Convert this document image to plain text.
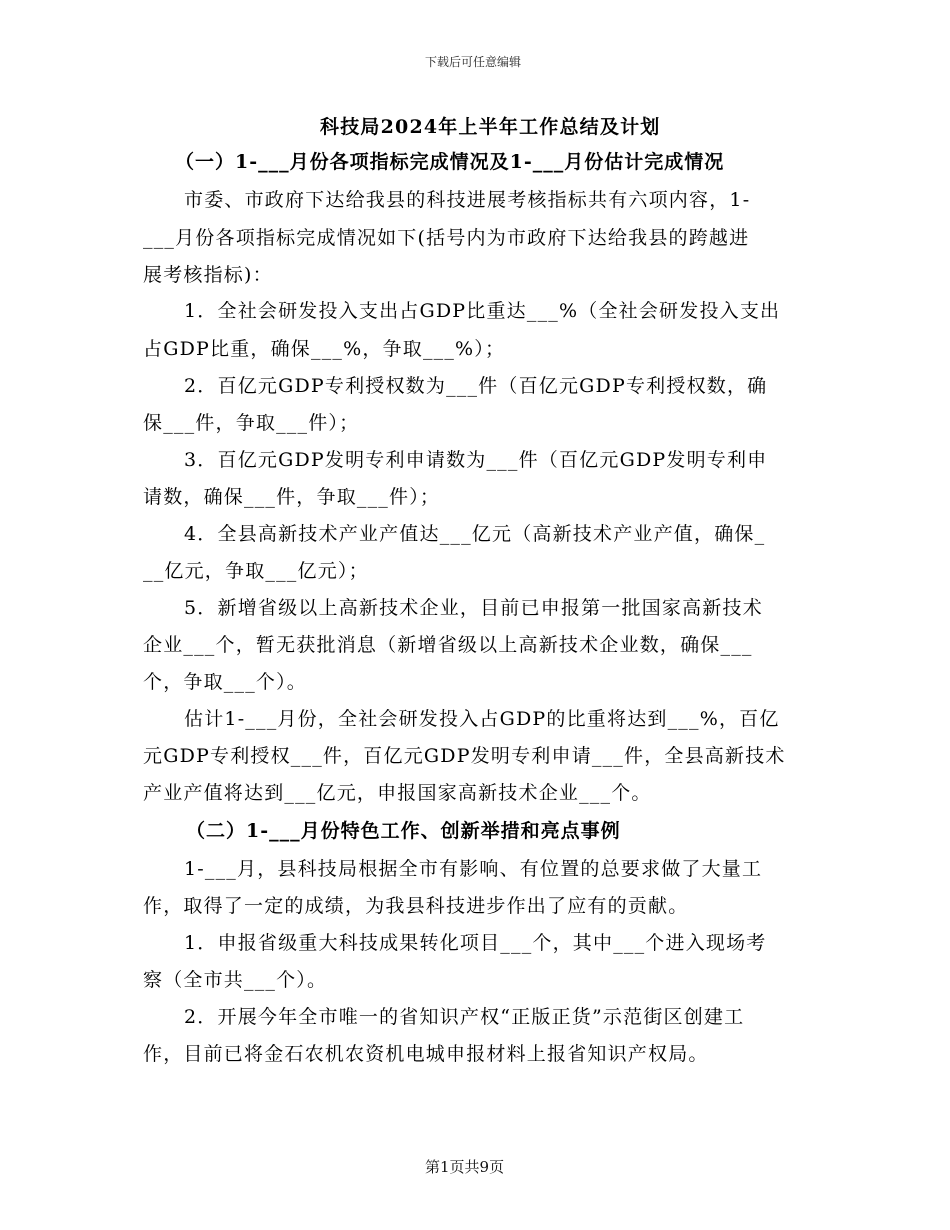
下载后可任意编辑
科技局2024年上半年工作总结及计划
（一）1-___月份各项指标完成情况及1-___月份估计完成情况
市委、市政府下达给我县的科技进展考核指标共有六项内容，1-
___月份各项指标完成情况如下(括号内为市政府下达给我县的跨越进
展考核指标)：
1．全社会研发投入支出占GDP比重达___%（全社会研发投入支出
占GDP比重，确保___%，争取___%）；
2．百亿元GDP专利授权数为___件（百亿元GDP专利授权数，确
保___件，争取___件）；
3．百亿元GDP发明专利申请数为___件（百亿元GDP发明专利申
请数，确保___件，争取___件）；
4．全县高新技术产业产值达___亿元（高新技术产业产值，确保_
__亿元，争取___亿元）；
5．新增省级以上高新技术企业，目前已申报第一批国家高新技术
企业___个，暂无获批消息（新增省级以上高新技术企业数，确保___
个，争取___个）。
估计1-___月份，全社会研发投入占GDP的比重将达到___%，百亿
元GDP专利授权___件，百亿元GDP发明专利申请___件，全县高新技术
产业产值将达到___亿元，申报国家高新技术企业___个。
（二）1-___月份特色工作、创新举措和亮点事例
1-___月，县科技局根据全市有影响、有位置的总要求做了大量工
作，取得了一定的成绩，为我县科技进步作出了应有的贡献。
1．申报省级重大科技成果转化项目___个，其中___个进入现场考
察（全市共___个）。
2．开展今年全市唯一的省知识产权“正版正货”示范街区创建工
作，目前已将金石农机农资机电城申报材料上报省知识产权局。
第1页共9页
